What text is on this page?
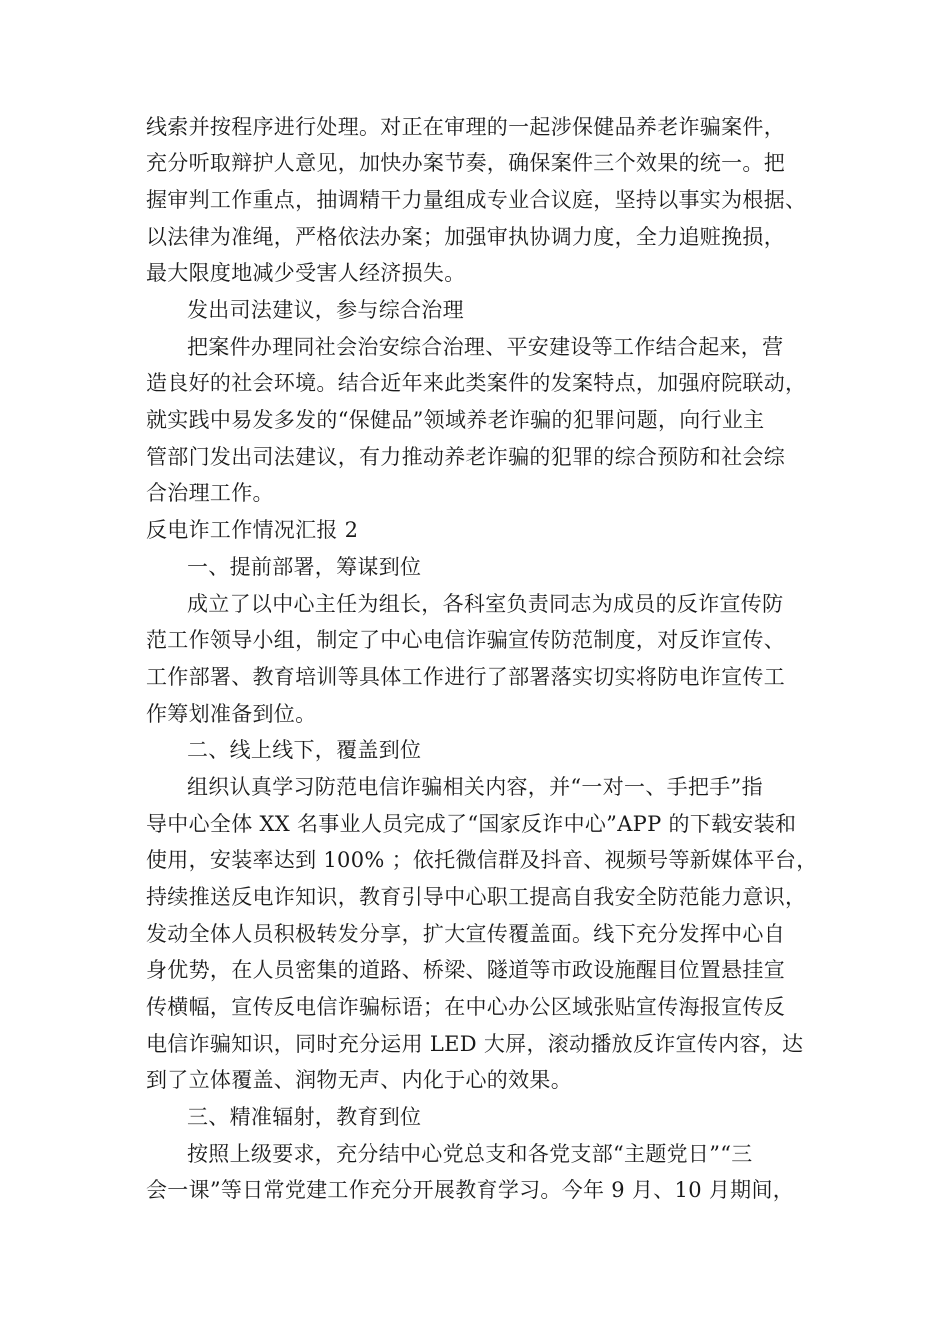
线索并按程序进行处理。对正在审理的一起涉保健品养老诈骗案件，
充分听取辩护人意见，加快办案节奏，确保案件三个效果的统一。把
握审判工作重点，抽调精干力量组成专业合议庭，坚持以事实为根据、
以法律为准绳，严格依法办案；加强审执协调力度，全力追赃挽损，
最大限度地减少受害人经济损失。
发出司法建议，参与综合治理
把案件办理同社会治安综合治理、平安建设等工作结合起来，营
造良好的社会环境。结合近年来此类案件的发案特点，加强府院联动，
就实践中易发多发的“保健品”领域养老诈骗的犯罪问题，向行业主
管部门发出司法建议，有力推动养老诈骗的犯罪的综合预防和社会综
合治理工作。
反电诈工作情况汇报 2
一、提前部署，筹谋到位
成立了以中心主任为组长，各科室负责同志为成员的反诈宣传防
范工作领导小组，制定了中心电信诈骗宣传防范制度，对反诈宣传、
工作部署、教育培训等具体工作进行了部署落实切实将防电诈宣传工
作筹划准备到位。
二、线上线下，覆盖到位
组织认真学习防范电信诈骗相关内容，并“一对一、手把手”指
导中心全体 XX 名事业人员完成了“国家反诈中心”APP 的下载安装和
使用，安装率达到 100% ；依托微信群及抖音、视频号等新媒体平台，
持续推送反电诈知识，教育引导中心职工提高自我安全防范能力意识，
发动全体人员积极转发分享，扩大宣传覆盖面。线下充分发挥中心自
身优势，在人员密集的道路、桥梁、隧道等市政设施醒目位置悬挂宣
传横幅，宣传反电信诈骗标语；在中心办公区域张贴宣传海报宣传反
电信诈骗知识，同时充分运用 LED 大屏，滚动播放反诈宣传内容，达
到了立体覆盖、润物无声、内化于心的效果。
三、精准辐射，教育到位
按照上级要求，充分结中心党总支和各党支部“主题党日”“三
会一课”等日常党建工作充分开展教育学习。今年 9 月、10 月期间，
